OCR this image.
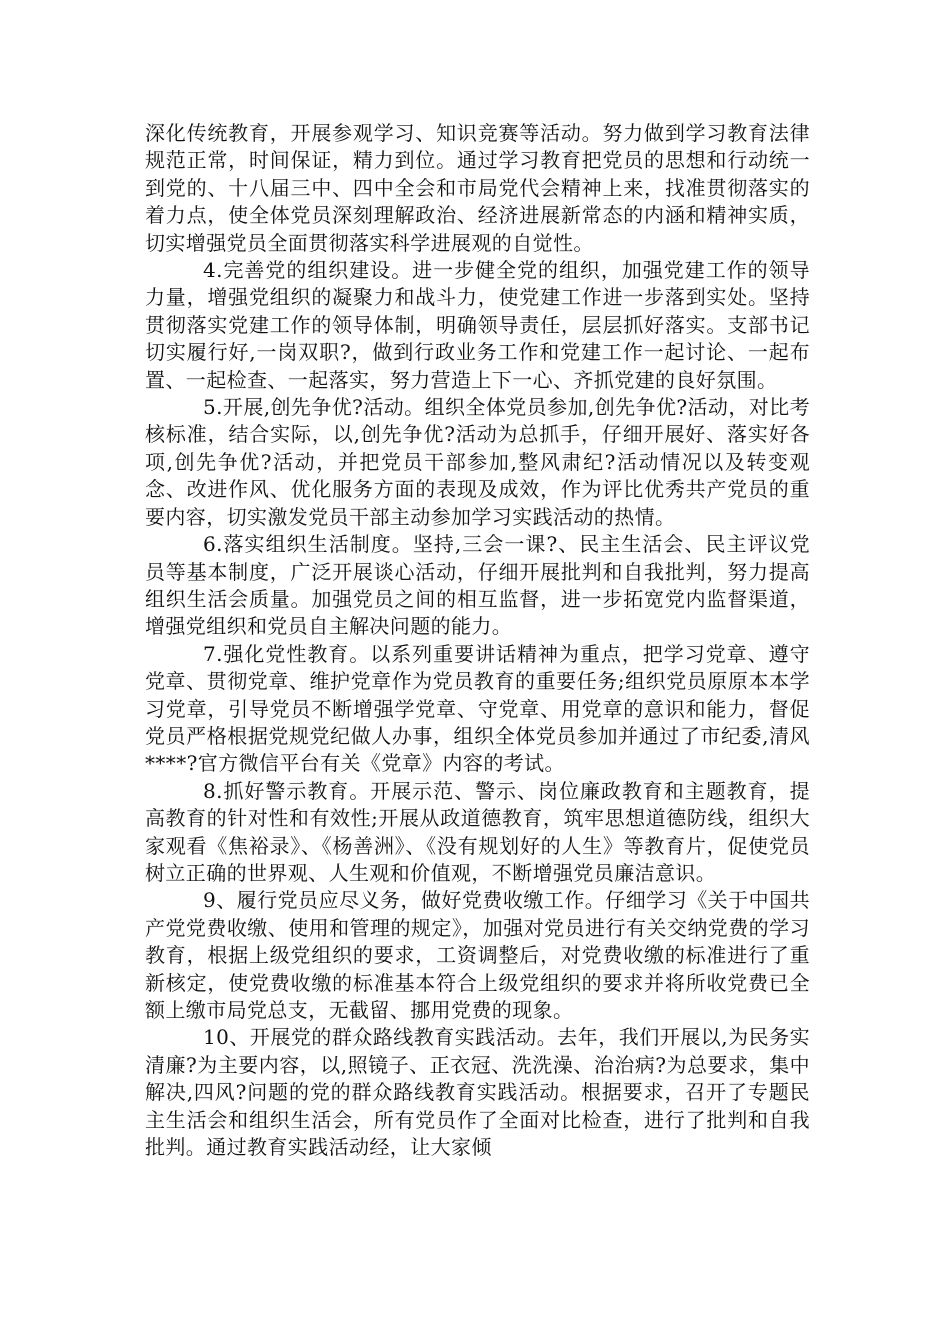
深化传统教育，开展参观学习、知识竞赛等活动。努力做到学习教育法律规范正常，时间保证，精力到位。通过学习教育把党员的思想和行动统一到党的、十八届三中、四中全会和市局党代会精神上来，找准贯彻落实的着力点，使全体党员深刻理解政治、经济进展新常态的内涵和精神实质，切实增强党员全面贯彻落实科学进展观的自觉性。

4.完善党的组织建设。进一步健全党的组织，加强党建工作的领导力量，增强党组织的凝聚力和战斗力，使党建工作进一步落到实处。坚持贯彻落实党建工作的领导体制，明确领导责任，层层抓好落实。支部书记切实履行好,一岗双职?，做到行政业务工作和党建工作一起讨论、一起布置、一起检查、一起落实，努力营造上下一心、齐抓党建的良好氛围。

5.开展,创先争优?活动。组织全体党员参加,创先争优?活动，对比考核标准，结合实际，以,创先争优?活动为总抓手，仔细开展好、落实好各项,创先争优?活动，并把党员干部参加,整风肃纪?活动情况以及转变观念、改进作风、优化服务方面的表现及成效，作为评比优秀共产党员的重要内容，切实激发党员干部主动参加学习实践活动的热情。

6.落实组织生活制度。坚持,三会一课?、民主生活会、民主评议党员等基本制度，广泛开展谈心活动，仔细开展批判和自我批判，努力提高组织生活会质量。加强党员之间的相互监督，进一步拓宽党内监督渠道，增强党组织和党员自主解决问题的能力。

7.强化党性教育。以系列重要讲话精神为重点，把学习党章、遵守党章、贯彻党章、维护党章作为党员教育的重要任务;组织党员原原本本学习党章，引导党员不断增强学党章、守党章、用党章的意识和能力，督促党员严格根据党规党纪做人办事，组织全体党员参加并通过了市纪委,清风****?官方微信平台有关《党章》内容的考试。

8.抓好警示教育。开展示范、警示、岗位廉政教育和主题教育，提高教育的针对性和有效性;开展从政道德教育，筑牢思想道德防线，组织大家观看《焦裕录》、《杨善洲》、《没有规划好的人生》等教育片，促使党员树立正确的世界观、人生观和价值观，不断增强党员廉洁意识。

9、履行党员应尽义务，做好党费收缴工作。仔细学习《关于中国共产党党费收缴、使用和管理的规定》，加强对党员进行有关交纳党费的学习教育，根据上级党组织的要求，工资调整后，对党费收缴的标准进行了重新核定，使党费收缴的标准基本符合上级党组织的要求并将所收党费已全额上缴市局党总支，无截留、挪用党费的现象。

10、开展党的群众路线教育实践活动。去年，我们开展以,为民务实清廉?为主要内容，以,照镜子、正衣冠、洗洗澡、治治病?为总要求，集中解决,四风?问题的党的群众路线教育实践活动。根据要求，召开了专题民主生活会和组织生活会，所有党员作了全面对比检查，进行了批判和自我批判。通过教育实践活动经，让大家倾
